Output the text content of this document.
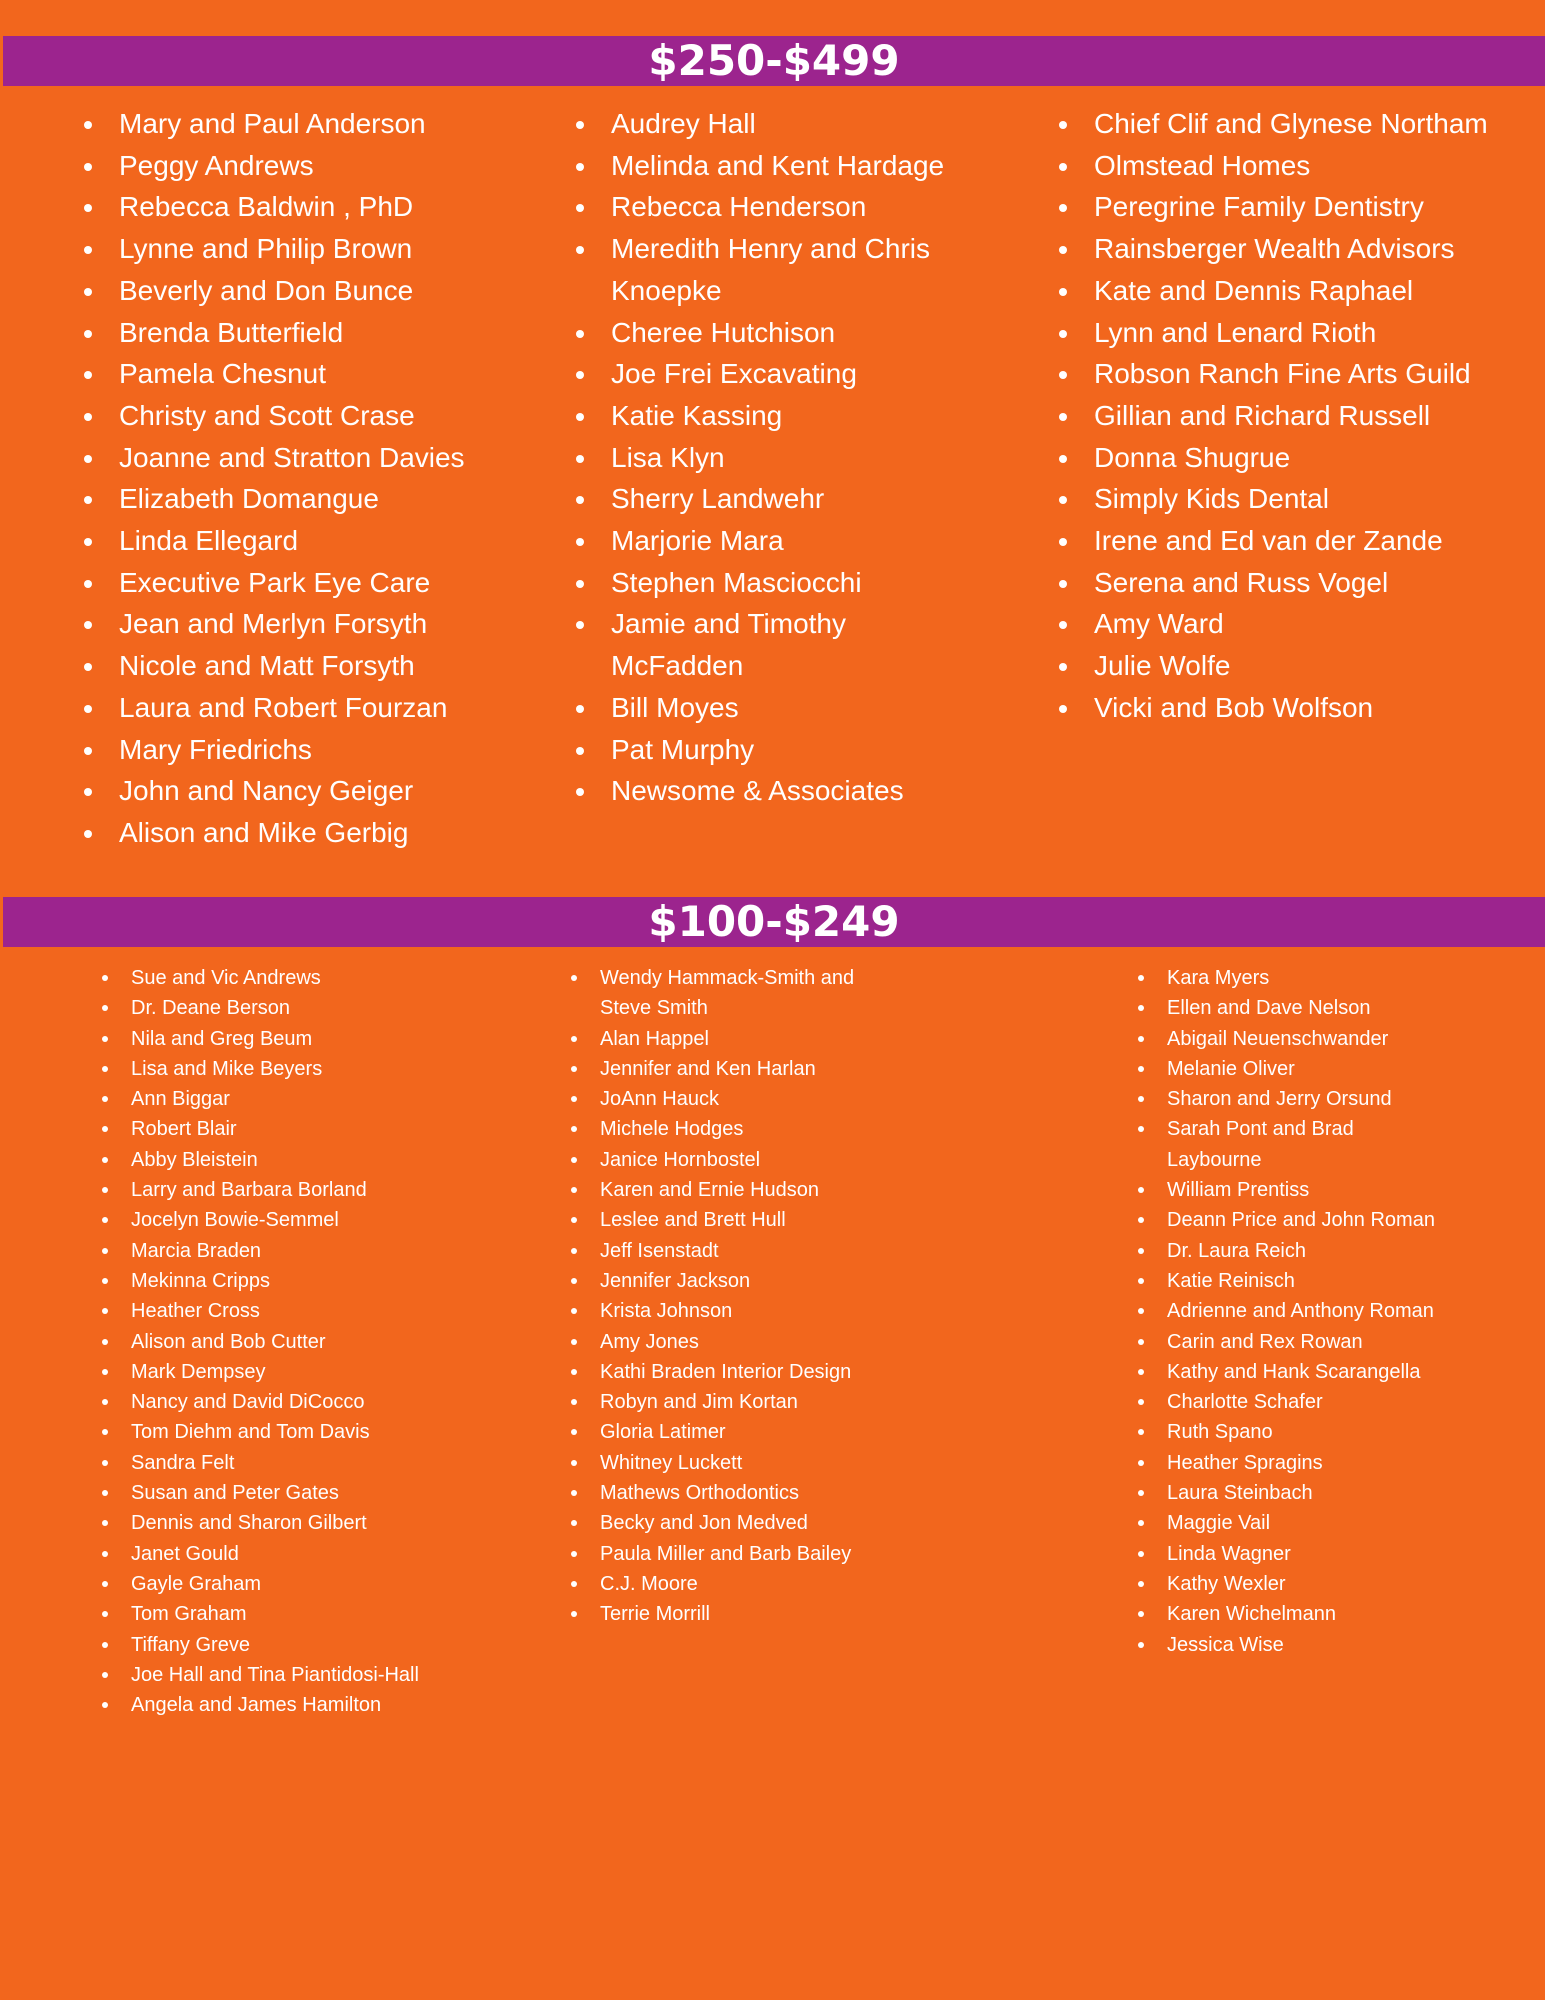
$250-$499
Mary and Paul Anderson
Peggy Andrews
Rebecca Baldwin , PhD
Lynne and Philip Brown
Beverly and Don Bunce
Brenda Butterfield
Pamela Chesnut
Christy and Scott Crase
Joanne and Stratton Davies
Elizabeth Domangue
Linda Ellegard
Executive Park Eye Care
Jean and Merlyn Forsyth
Nicole and Matt Forsyth
Laura and Robert Fourzan
Mary Friedrichs
John and Nancy Geiger
Alison and Mike Gerbig
Audrey Hall
Melinda and Kent Hardage
Rebecca Henderson
Meredith Henry and Chris Knoepke
Cheree Hutchison
Joe Frei Excavating
Katie Kassing
Lisa Klyn
Sherry Landwehr
Marjorie Mara
Stephen Masciocchi
Jamie and Timothy McFadden
Bill Moyes
Pat Murphy
Newsome & Associates
Chief Clif and Glynese Northam
Olmstead Homes
Peregrine Family Dentistry
Rainsberger Wealth Advisors
Kate and Dennis Raphael
Lynn and Lenard Rioth
Robson Ranch Fine Arts Guild
Gillian and Richard Russell
Donna Shugrue
Simply Kids Dental
Irene and Ed van der Zande
Serena and Russ Vogel
Amy Ward
Julie Wolfe
Vicki and Bob Wolfson
$100-$249
Sue and Vic Andrews
Dr. Deane Berson
Nila and Greg Beum
Lisa and Mike Beyers
Ann Biggar
Robert Blair
Abby Bleistein
Larry and Barbara Borland
Jocelyn Bowie-Semmel
Marcia Braden
Mekinna Cripps
Heather Cross
Alison and Bob Cutter
Mark Dempsey
Nancy and David DiCocco
Tom Diehm and Tom Davis
Sandra Felt
Susan and Peter Gates
Dennis and Sharon Gilbert
Janet Gould
Gayle Graham
Tom Graham
Tiffany Greve
Joe Hall and Tina Piantidosi-Hall
Angela and James Hamilton
Wendy Hammack-Smith and Steve Smith
Alan Happel
Jennifer and Ken Harlan
JoAnn Hauck
Michele Hodges
Janice Hornbostel
Karen and Ernie Hudson
Leslee and Brett Hull
Jeff Isenstadt
Jennifer Jackson
Krista Johnson
Amy Jones
Kathi Braden Interior Design
Robyn and Jim Kortan
Gloria Latimer
Whitney Luckett
Mathews Orthodontics
Becky and Jon Medved
Paula Miller and Barb Bailey
C.J. Moore
Terrie Morrill
Kara Myers
Ellen and Dave Nelson
Abigail Neuenschwander
Melanie Oliver
Sharon and Jerry Orsund
Sarah Pont and Brad Laybourne
William Prentiss
Deann Price and John Roman
Dr. Laura Reich
Katie Reinisch
Adrienne and Anthony Roman
Carin and Rex Rowan
Kathy and Hank Scarangella
Charlotte Schafer
Ruth Spano
Heather Spragins
Laura Steinbach
Maggie Vail
Linda Wagner
Kathy Wexler
Karen Wichelmann
Jessica Wise
